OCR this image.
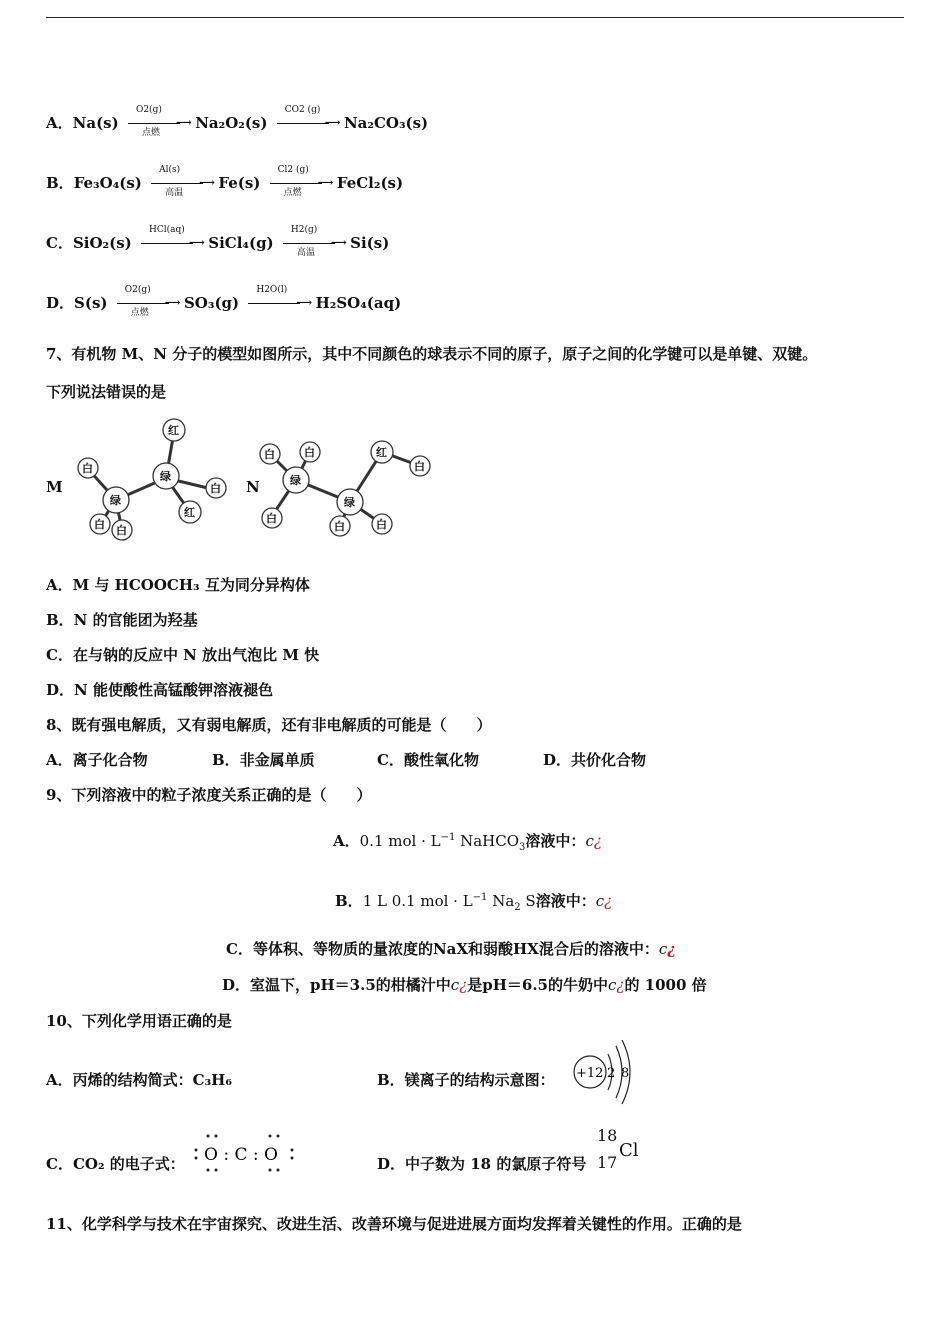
A．Na(s)
O2(g)
点燃
⟶ Na₂O₂(s)
CO2 (g)
⟶ Na₂CO₃(s)
B．Fe₃O₄(s)
Al(s)
高温
⟶ Fe(s)
Cl2 (g)
点燃
⟶ FeCl₂(s)
C．SiO₂(s)
HCl(aq)
⟶ SiCl₄(g)
H2(g)
高温
⟶ Si(s)
D．S(s)
O2(g)
点燃
⟶ SO₃(g)
H2O(l)
⟶ H₂SO₄(aq)
7、有机物 M、N 分子的模型如图所示，其中不同颜色的球表示不同的原子，原子之间的化学键可以是单键、双键。
下列说法错误的是
M	N
红
绿
白
白
绿
红
白 白
白	白	红
白
绿
绿
白
白	白
A．M 与 HCOOCH₃ 互为同分异构体
B．N 的官能团为羟基
C．在与钠的反应中 N 放出气泡比 M 快
D．N 能使酸性高锰酸钾溶液褪色
8、既有强电解质，又有弱电解质，还有非电解质的可能是（　　）
A．离子化合物	B．非金属单质	C．酸性氧化物	D．共价化合物
9、下列溶液中的粒子浓度关系正确的是（　　）
A．0.1 mol · $L^{-1}$ NaHCO$_3$溶液中：c¿
B．1 L 0.1 mol · $L^{-1}$ $Na_2$ S溶液中：c¿
C．等体积、等物质的量浓度的NaX和弱酸HX混合后的溶液中：c¿
D．室温下，pH＝3.5的柑橘汁中c¿是pH＝6.5的牛奶中c¿的 1000 倍
10、下列化学用语正确的是
A．丙烯的结构简式：C₃H₆	B．镁离子的结构示意图： +12 2 8
C．CO₂ 的电子式： O : C : O	D．中子数为 18 的氯原子符号
18
17
Cl
11、化学科学与技术在宇宙探究、改进生活、改善环境与促进进展方面均发挥着关键性的作用。正确的是
